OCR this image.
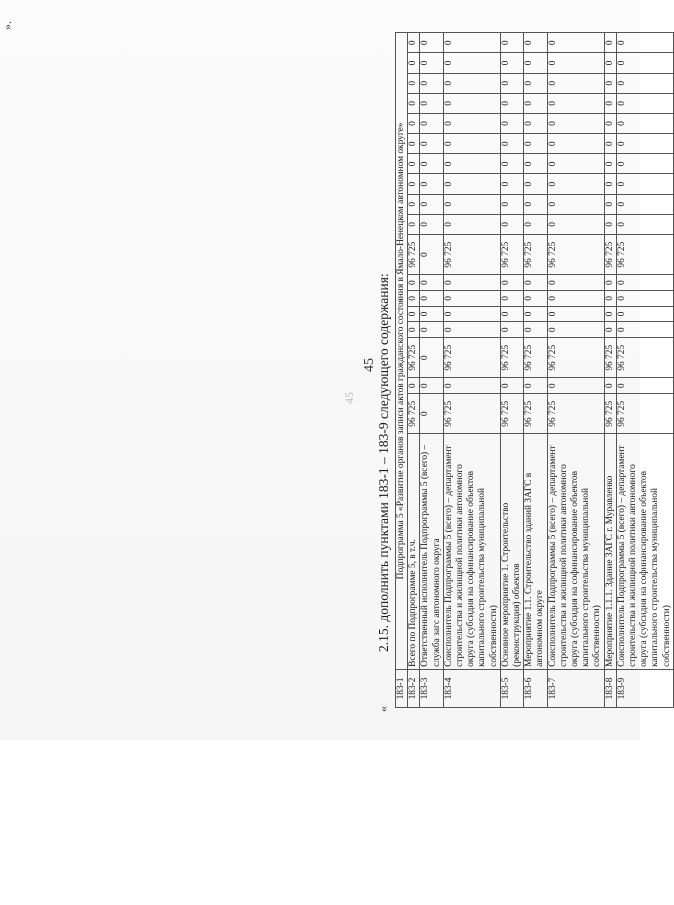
45
45
«
2.15. дополнить пунктами 183-1 – 183-9 следующего содержания:
183-1	Подпрограмма 5 «Развитие органов записи актов гражданского состояния в Ямало-Ненецком автономном округе»																		
183-2	Всего по Подпрограмме 5, в т.ч.	96 725	0	96 725	0	0	0	0	96 725	0	0	0	0	0	0	0	0	0	0
183-3	Ответственный исполнитель Подпрограммы 5 (всего) – служба загс автономного округа	0	0	0	0	0	0	0	0	0	0	0	0	0	0	0	0	0	0
183-4	Соисполнитель Подпрограммы 5 (всего) – департамент строительства и жилищной политики автономного округа (субсидия на софинансирование объектов капитального строительства муниципальной собственности)	96 725	0	96 725	0	0	0	0	96 725	0	0	0	0	0	0	0	0	0	0
183-5	Основное мероприятие 1. Строительство (реконструкция) объектов	96 725	0	96 725	0	0	0	0	96 725	0	0	0	0	0	0	0	0	0	0
183-6	Мероприятие 1.1. Строительство зданий ЗАГС в автономном округе	96 725	0	96 725	0	0	0	0	96 725	0	0	0	0	0	0	0	0	0	0
183-7	Соисполнитель Подпрограммы 5 (всего) – департамент строительства и жилищной политики автономного округа (субсидия на софинансирование объектов капитального строительства муниципальной собственности)	96 725	0	96 725	0	0	0	0	96 725	0	0	0	0	0	0	0	0	0	0
183-8	Мероприятие 1.1.1. Здание ЗАГС г. Муравленко	96 725	0	96 725	0	0	0	0	96 725	0	0	0	0	0	0	0	0	0	0
183-9	Соисполнитель Подпрограммы 5 (всего) – департамент строительства и жилищной политики автономного округа (субсидия на софинансирование объектов капитального строительства муниципальной собственности)	96 725	0	96 725	0	0	0	0	96 725	0	0	0	0	0	0	0	0	0	0
».
